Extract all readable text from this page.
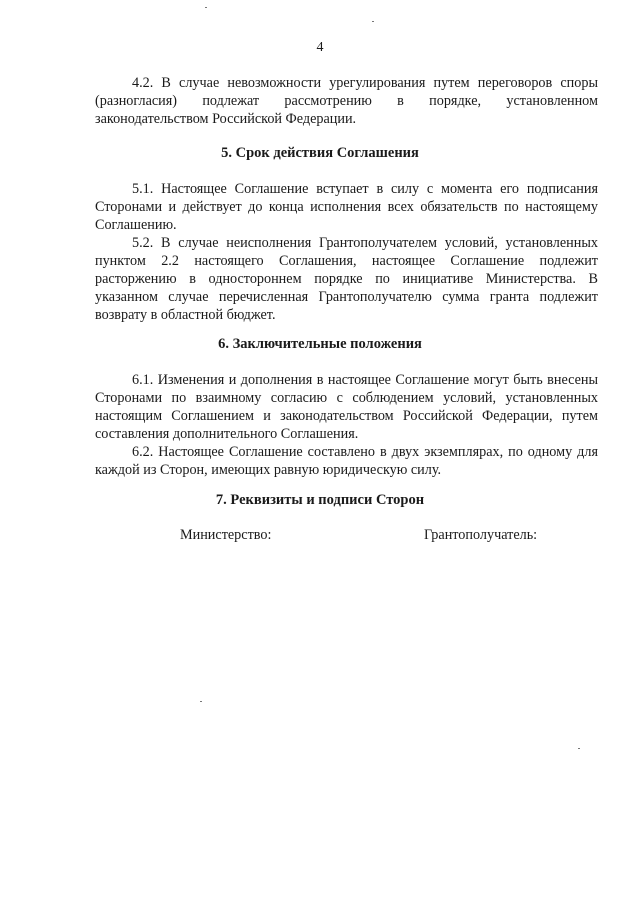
4

4.2. В случае невозможности урегулирования путем переговоров споры (разногласия) подлежат рассмотрению в порядке, установленном законодательством Российской Федерации.

5. Срок действия Соглашения

5.1. Настоящее Соглашение вступает в силу с момента его подписания Сторонами и действует до конца исполнения всех обязательств по настоящему Соглашению.

5.2. В случае неисполнения Грантополучателем условий, установленных пунктом 2.2 настоящего Соглашения, настоящее Соглашение подлежит расторжению в одностороннем порядке по инициативе Министерства. В указанном случае перечисленная Грантополучателю сумма гранта подлежит возврату в областной бюджет.

6. Заключительные положения

6.1. Изменения и дополнения в настоящее Соглашение могут быть внесены Сторонами по взаимному согласию с соблюдением условий, установленных настоящим Соглашением и законодательством Российской Федерации, путем составления дополнительного Соглашения.

6.2. Настоящее Соглашение составлено в двух экземплярах, по одному для каждой из Сторон, имеющих равную юридическую силу.

7. Реквизиты и подписи Сторон
Министерство:	Грантополучатель:
